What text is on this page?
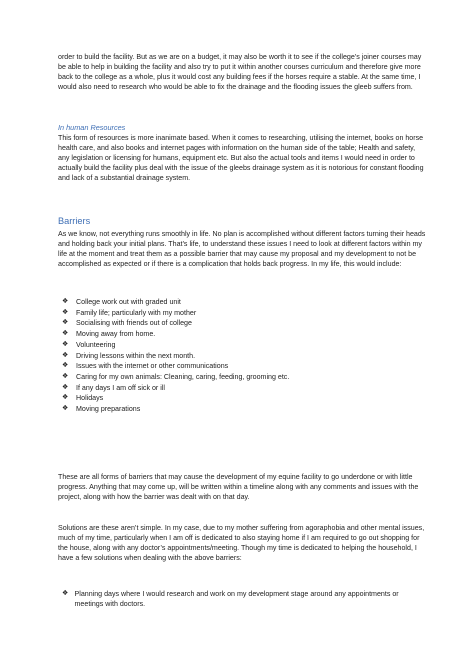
order to build the facility. But as we are on a budget, it may also be worth it to see if the college’s joiner courses may be able to help in building the facility and also try to put it within another courses curriculum and therefore give more back to the college as a whole, plus it would cost any building fees if the horses require a stable. At the same time, I would also need to research who would be able to fix the drainage and the flooding issues the gleeb suffers from.

In human Resources

This form of resources is more inanimate based. When it comes to researching, utilising the internet, books on horse health care, and also books and internet pages with information on the human side of the table; Health and safety, any legislation or licensing for humans, equipment etc. But also the actual tools and items I would need in order to actually build the facility plus deal with the issue of the gleebs drainage system as it is notorious for constant flooding and lack of a substantial drainage system.

Barriers

As we know, not everything runs smoothly in life. No plan is accomplished without different factors turning their heads and holding back your initial plans. That’s life, to understand these issues I need to look at different factors within my life at the moment and treat them as a possible barrier that may cause my proposal and my development to not be accomplished as expected or if there is a complication that holds back progress. In my life, this would include:

❖	College work out with graded unit
❖	Family life; particularly with my mother
❖	Socialising with friends out of college
❖	Moving away from home.
❖	Volunteering
❖	Driving lessons within the next month.
❖	Issues with the internet or other communications
❖	Caring for my own animals: Cleaning, caring, feeding, grooming etc.
❖	If any days I am off sick or ill
❖	Holidays
❖	Moving preparations

These are all forms of barriers that may cause the development of my equine facility to go underdone or with little progress. Anything that may come up, will be written within a timeline along with any comments and issues with the project, along with how the barrier was dealt with on that day.

Solutions are these aren’t simple. In my case, due to my mother suffering from agoraphobia and other mental issues, much of my time, particularly when I am off is dedicated to also staying home if I am required to go out shopping for the house, along with any doctor’s appointments/meeting. Though my time is dedicated to helping the household, I have a few solutions when dealing with the above barriers:

❖ Planning days where I would research and work on my development stage around any appointments or meetings with doctors.
